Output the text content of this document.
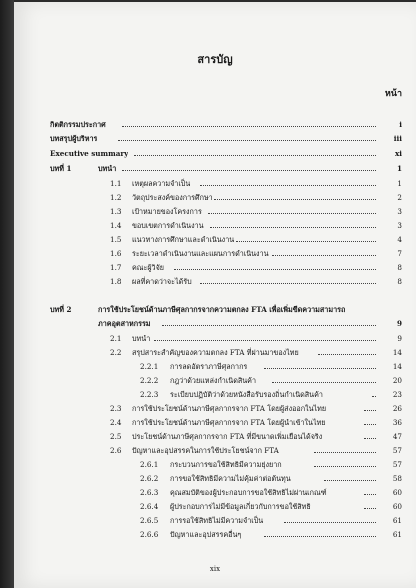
สารบัญ
หน้า
กิตติกรรมประกาศ	i
บทสรุปผู้บริหาร	iii
Executive summary	xi
บทที่ 1	บทนำ	1
1.1 เหตุผลความจำเป็น	1
1.2 วัตถุประสงค์ของการศึกษา	2
1.3 เป้าหมายของโครงการ	3
1.4 ขอบเขตการดำเนินงาน	3
1.5 แนวทางการศึกษาและดำเนินงาน	4
1.6 ระยะเวลาดำเนินงานและแผนการดำเนินงาน	7
1.7 คณะผู้วิจัย	8
1.8 ผลที่คาดว่าจะได้รับ	8
บทที่ 2	การใช้ประโยชน์ด้านภาษีศุลกากรจากความตกลง FTA เพื่อเพิ่มขีดความสามารถ
ภาคอุตสาหกรรม	9
2.1 บทนำ	9
2.2 สรุปสาระสำคัญของความตกลง FTA ที่ผ่านมาของไทย	14
2.2.1 การลดอัตราภาษีศุลกากร	14
2.2.2 กฎว่าด้วยแหล่งกำเนิดสินค้า	20
2.2.3 ระเบียบปฏิบัติว่าด้วยหนังสือรับรองถิ่นกำเนิดสินค้า	23
2.3 การใช้ประโยชน์ด้านภาษีศุลกากรจาก FTA โดยผู้ส่งออกในไทย	26
2.4 การใช้ประโยชน์ด้านภาษีศุลกากรจาก FTA โดยผู้นำเข้าในไทย	36
2.5 ประโยชน์ด้านภาษีศุลกากรจาก FTA ที่มีขนาดเพิ่มเยือนได้จริง	47
2.6 ปัญหาและอุปสรรคในการใช้ประโยชน์จาก FTA	57
2.6.1 กระบวนการขอใช้สิทธิมีความยุ่งยาก	57
2.6.2 การขอใช้สิทธิมีความไม่คุ้มค่าต่อต้นทุน	58
2.6.3 คุณสมบัติของผู้ประกอบการขอใช้สิทธิไม่ผ่านเกณฑ์	60
2.6.4 ผู้ประกอบการไม่มีข้อมูลเกี่ยวกับการขอใช้สิทธิ	60
2.6.5 การรอใช้สิทธิไม่มีความจำเป็น	61
2.6.6 ปัญหาและอุปสรรคอื่นๆ	61
xix
